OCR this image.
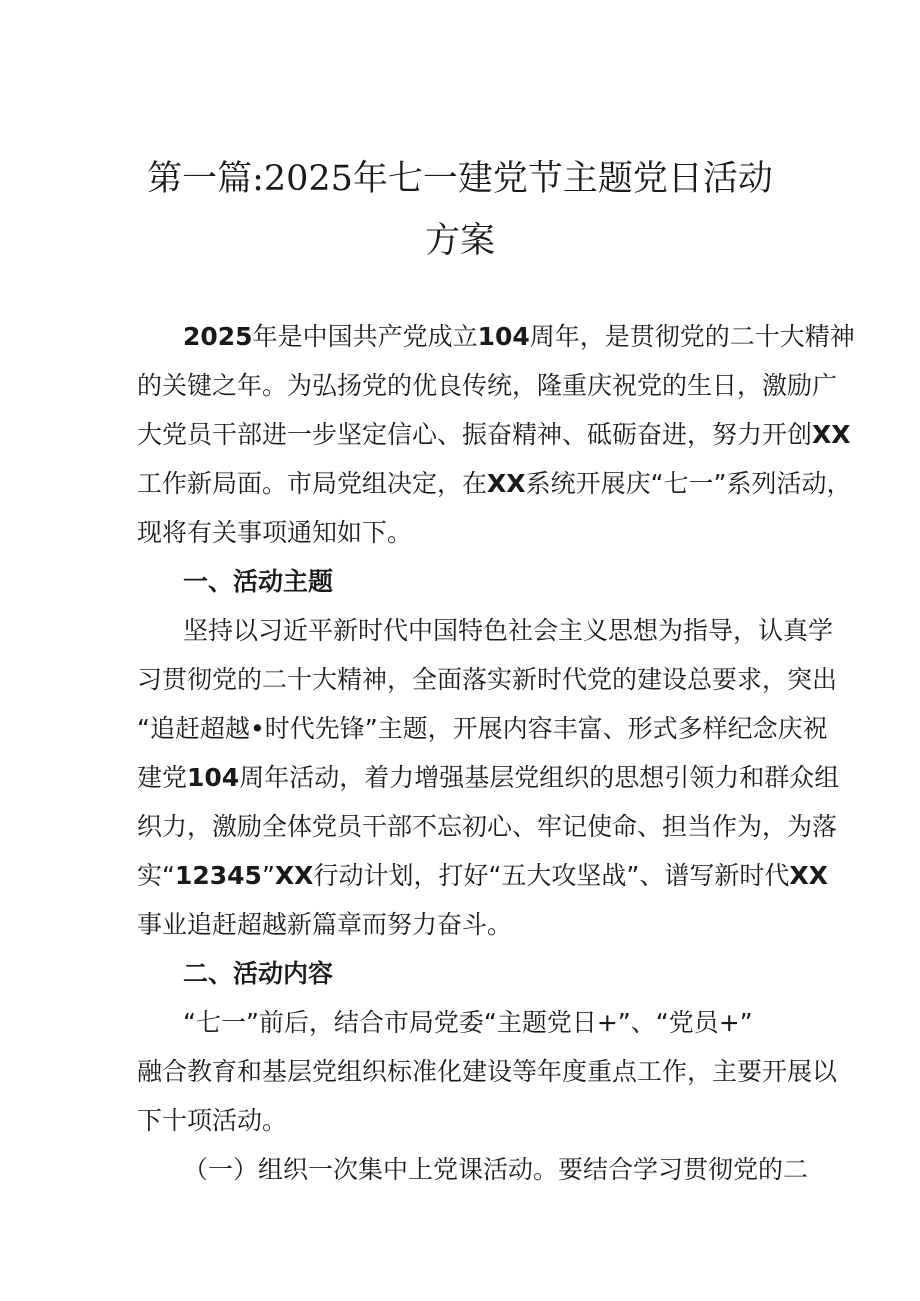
第一篇:2025年七一建党节主题党日活动
方案
2025年是中国共产党成立104周年，是贯彻党的二十大精神
的关键之年。为弘扬党的优良传统，隆重庆祝党的生日，激励广
大党员干部进一步坚定信心、振奋精神、砥砺奋进，努力开创XX
工作新局面。市局党组决定，在XX系统开展庆“七一”系列活动，
现将有关事项通知如下。
一、活动主题
坚持以习近平新时代中国特色社会主义思想为指导，认真学
习贯彻党的二十大精神，全面落实新时代党的建设总要求，突出
“追赶超越•时代先锋”主题，开展内容丰富、形式多样纪念庆祝
建党104周年活动，着力增强基层党组织的思想引领力和群众组
织力，激励全体党员干部不忘初心、牢记使命、担当作为，为落
实“12345”XX行动计划，打好“五大攻坚战”、谱写新时代XX
事业追赶超越新篇章而努力奋斗。
二、活动内容
“七一”前后，结合市局党委“主题党日+”、“党员+”
融合教育和基层党组织标准化建设等年度重点工作，主要开展以
下十项活动。
（一）组织一次集中上党课活动。要结合学习贯彻党的二
